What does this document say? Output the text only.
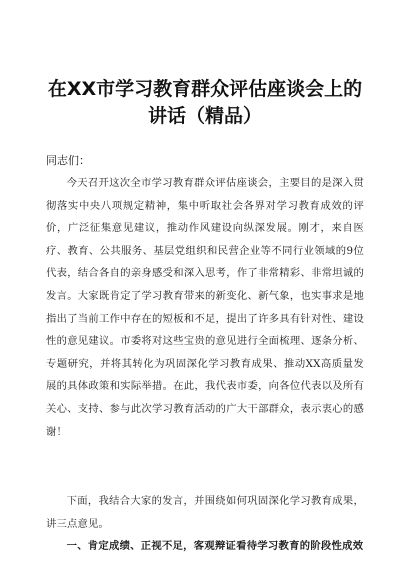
在XX市学习教育群众评估座谈会上的讲话（精品）

同志们：

今天召开这次全市学习教育群众评估座谈会，主要目的是深入贯彻落实中央八项规定精神，集中听取社会各界对学习教育成效的评价，广泛征集意见建议，推动作风建设向纵深发展。刚才，来自医疗、教育、公共服务、基层党组织和民营企业等不同行业领域的9位代表，结合各自的亲身感受和深入思考，作了非常精彩、非常坦诚的发言。大家既肯定了学习教育带来的新变化、新气象，也实事求是地指出了当前工作中存在的短板和不足，提出了许多具有针对性、建设性的意见建议。市委将对这些宝贵的意见进行全面梳理、逐条分析、专题研究，并将其转化为巩固深化学习教育成果、推动XX高质量发展的具体政策和实际举措。在此，我代表市委，向各位代表以及所有关心、支持、参与此次学习教育活动的广大干部群众，表示衷心的感谢！

下面，我结合大家的发言，并围绕如何巩固深化学习教育成果，讲三点意见。

一、肯定成绩、正视不足，客观辩证看待学习教育的阶段性成效
